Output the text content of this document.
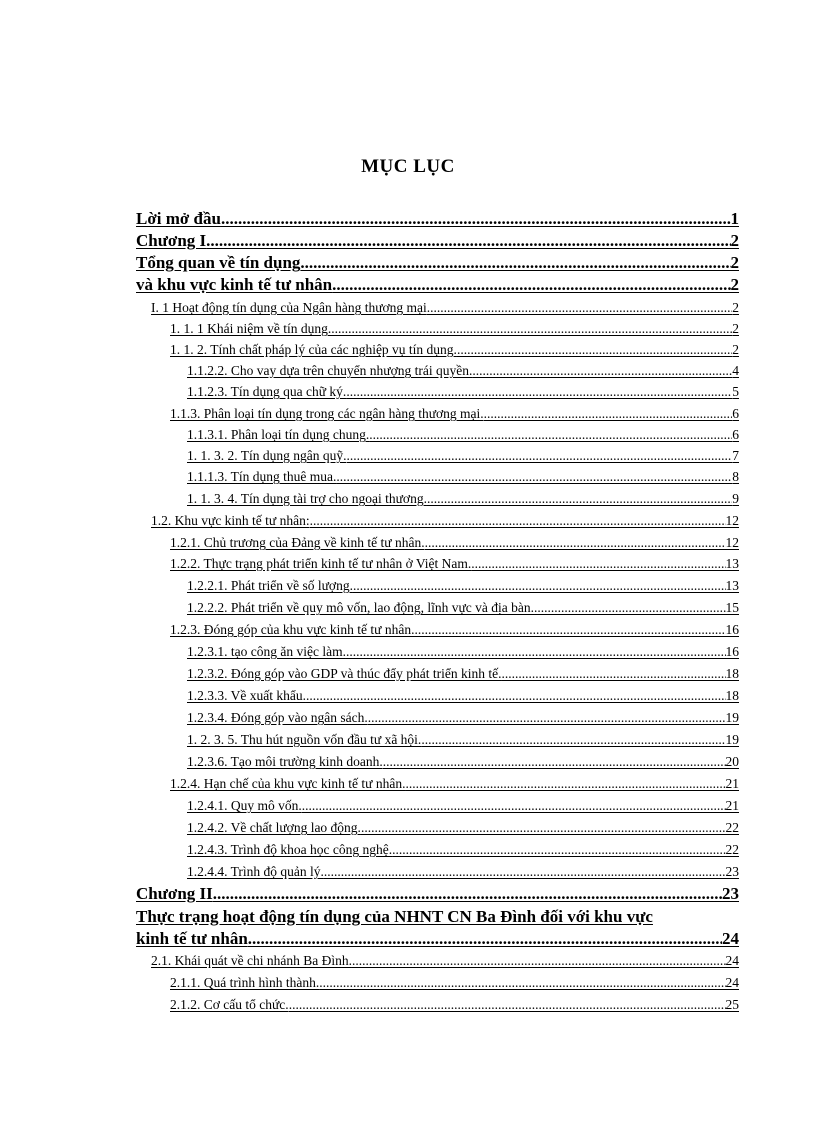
MỤC LỤC
Lời mở đầu .....	1
Chương I .....	2
Tổng quan về tín dụng .....	2
và khu vực kinh tế tư nhân .....	2
I. 1 Hoạt động tín dụng của Ngân hàng thương mại .....	2
1. 1. 1 Khái niệm về tín dụng .....	2
1. 1. 2. Tính chất pháp lý của các nghiệp vụ tín dụng. .....	2
1.1.2.2. Cho vay dựa trên chuyển nhượng trái quyền. .....	4
1.1.2.3. Tín dụng qua chữ ký. .....	5
1.1.3. Phân loại tín dụng trong các ngân hàng thương mại. .....	6
1.1.3.1. Phân loại tín dụng chung. .....	6
1. 1. 3. 2. Tín dụng ngân quỹ. .....	7
1.1.1.3. Tín dụng thuê mua. .....	8
1. 1. 3. 4. Tín dụng tài trợ cho ngoại thương. .....	9
1.2. Khu vực kinh tế tư nhân: .....	12
1.2.1. Chủ trương của Đảng về kinh tế tư nhân. .....	12
1.2.2. Thực trạng phát triển kinh tế tư nhân ở Việt Nam. .....	13
1.2.2.1. Phát triển về số lượng. .....	13
1.2.2.2. Phát triển về quy mô vốn, lao động, lĩnh vực và địa bàn. .....	15
1.2.3. Đóng góp của khu vực kinh tế tư nhân. .....	16
1.2.3.1. tạo công ăn việc làm. .....	16
1.2.3.2. Đóng góp vào GDP và thúc đẩy phát triển kinh tế. .....	18
1.2.3.3. Về xuất khẩu. .....	18
1.2.3.4. Đóng góp vào ngân sách. .....	19
1. 2. 3. 5. Thu hút nguồn vốn đầu tư xã hội. .....	19
1.2.3.6. Tạo môi trường kinh doanh. .....	20
1.2.4. Hạn chế của khu vực kinh tế tư nhân. .....	21
1.2.4.1. Quy mô vốn. .....	21
1.2.4.2. Về chất lượng lao động. .....	22
1.2.4.3. Trình độ khoa học công nghệ. .....	22
1.2.4.4. Trình độ quản lý. .....	23
Chương II .....	23
Thực trạng hoạt động tín dụng của NHNT CN Ba Đình đối với khu vực
kinh tế tư nhân .....	24
2.1. Khái quát về chi nhánh Ba Đình. .....	24
2.1.1. Quá trình hình thành. .....	24
2.1.2. Cơ cấu tổ chức. .....	25
